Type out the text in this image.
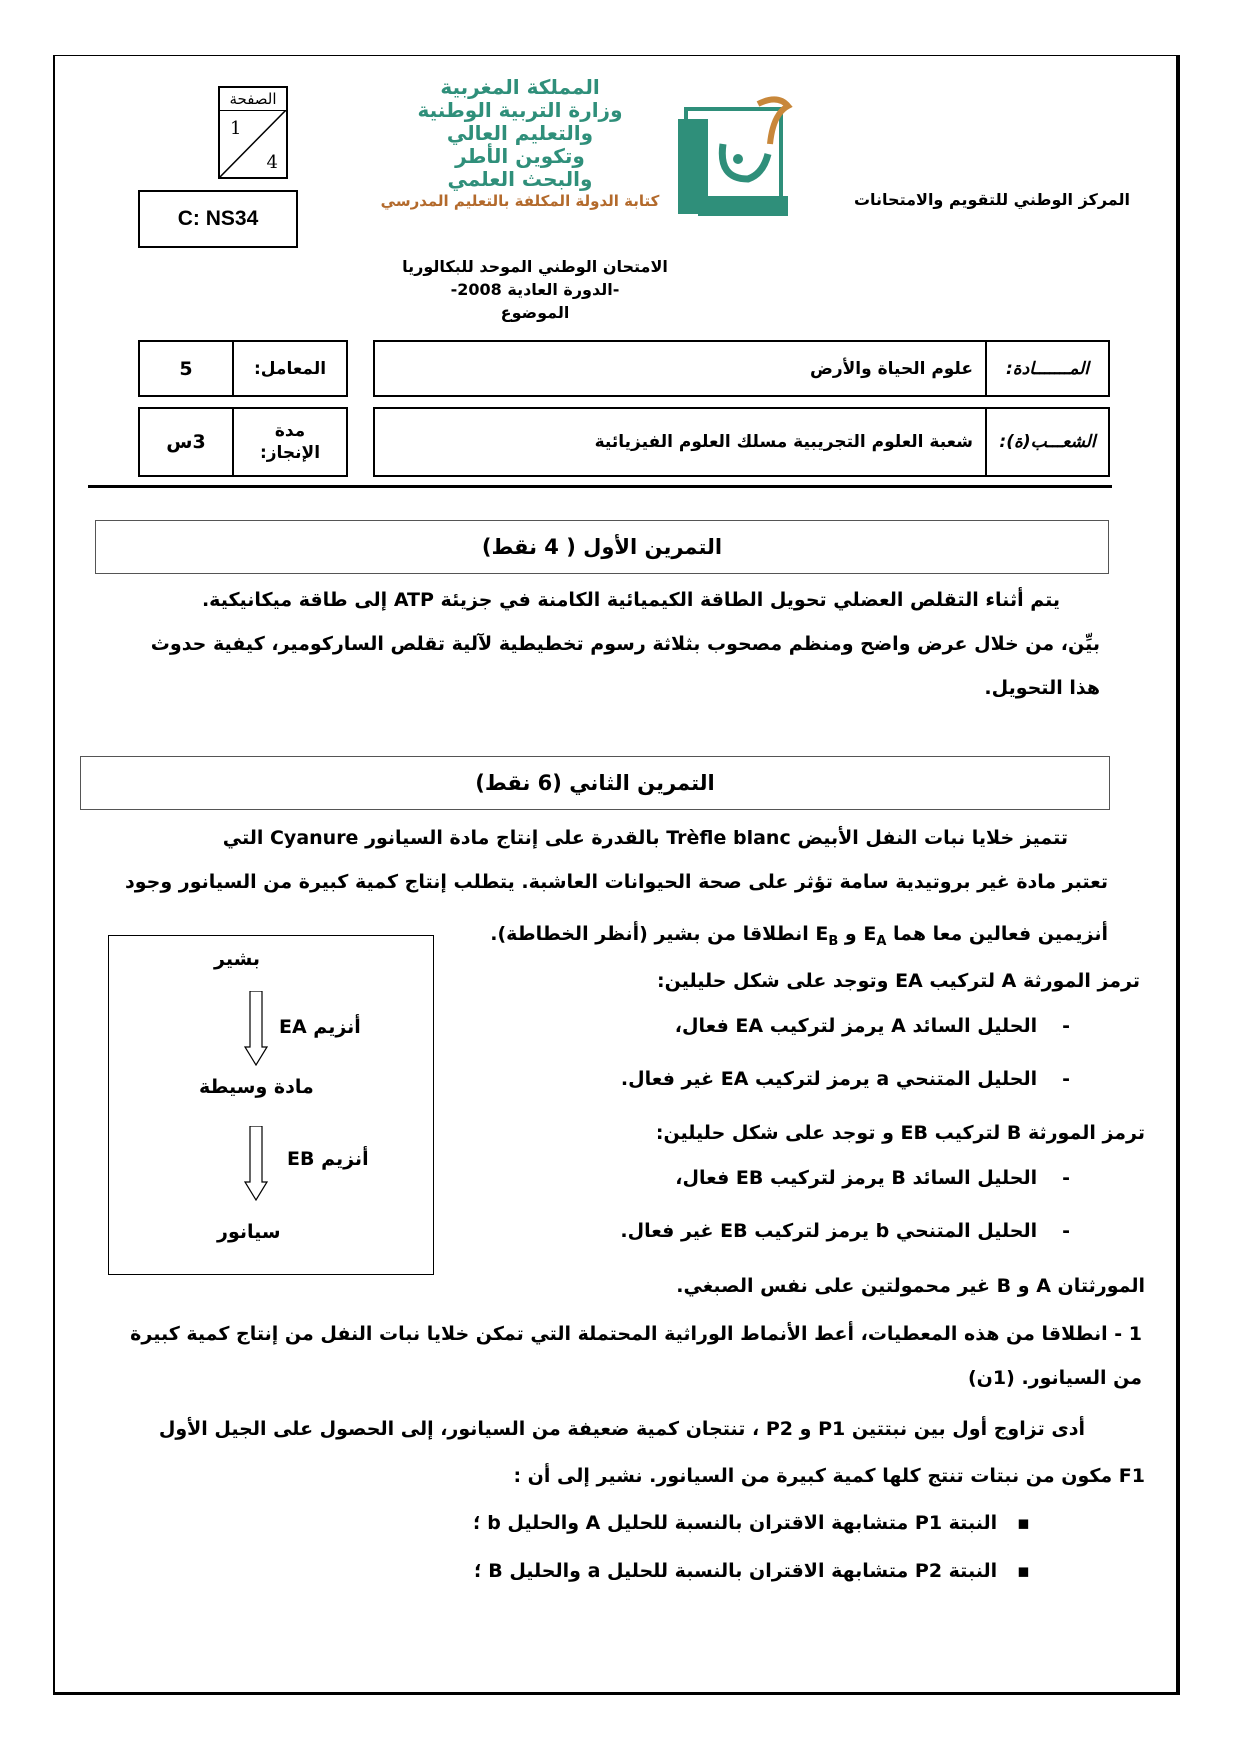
الصفحة
1
4
C: NS34
المملكة المغربية
وزارة التربية الوطنية
والتعليم العالي
وتكوين الأطر
والبحث العلمي
كتابة الدولة المكلفة بالتعليم المدرسي	المركز الوطني للتقويم والامتحانات
الامتحان الوطني الموحد للبكالوريا
-الدورة العادية 2008-
الموضوع
المـــــــادة:
علوم الحياة والأرض
المعامل:
5
الشعـــب(ة):
شعبة العلوم التجريبية مسلك العلوم الفيزيائية
مدة
الإنجاز:
3س
التمرين الأول ( 4 نقط)
يتم أثناء التقلص العضلي تحويل الطاقة الكيميائية الكامنة في جزيئة ATP إلى طاقة ميكانيكية.
بيِّن، من خلال عرض واضح ومنظم مصحوب بثلاثة رسوم تخطيطية لآلية تقلص الساركومير، كيفية حدوث
هذا التحويل.
التمرين الثاني (6 نقط)
تتميز خلايا نبات النفل الأبيض Trèfle blanc بالقدرة على إنتاج مادة السيانور Cyanure التي
تعتبر مادة غير بروتيدية سامة تؤثر على صحة الحيوانات العاشبة. يتطلب إنتاج كمية كبيرة من السيانور وجود
أنزيمين فعالين معا هما $E_A$ و $E_B$ انطلاقا من بشير (أنظر الخطاطة).
بشير
أنزيم EA
مادة وسيطة
أنزيم EB
سيانور
ترمز المورثة A لتركيب EA وتوجد على شكل حليلين:
-الحليل السائد A يرمز لتركيب EA فعال،
-الحليل المتنحي a يرمز لتركيب EA غير فعال.
ترمز المورثة B لتركيب EB و توجد على شكل حليلين:
-الحليل السائد B يرمز لتركيب EB فعال،
-الحليل المتنحي b يرمز لتركيب EB غير فعال.
المورثتان A و B غير محمولتين على نفس الصبغي.
1 - انطلاقا من هذه المعطيات، أعط الأنماط الوراثية المحتملة التي تمكن خلايا نبات النفل من إنتاج كمية كبيرة
من السيانور. (1ن)
أدى تزاوج أول بين نبتتين P1 و P2 ، تنتجان كمية ضعيفة من السيانور، إلى الحصول على الجيل الأول
F1 مكون من نبتات تنتج كلها كمية كبيرة من السيانور. نشير إلى أن :
▪النبتة P1 متشابهة الاقتران بالنسبة للحليل A والحليل b ؛
▪النبتة P2 متشابهة الاقتران بالنسبة للحليل a والحليل B ؛
